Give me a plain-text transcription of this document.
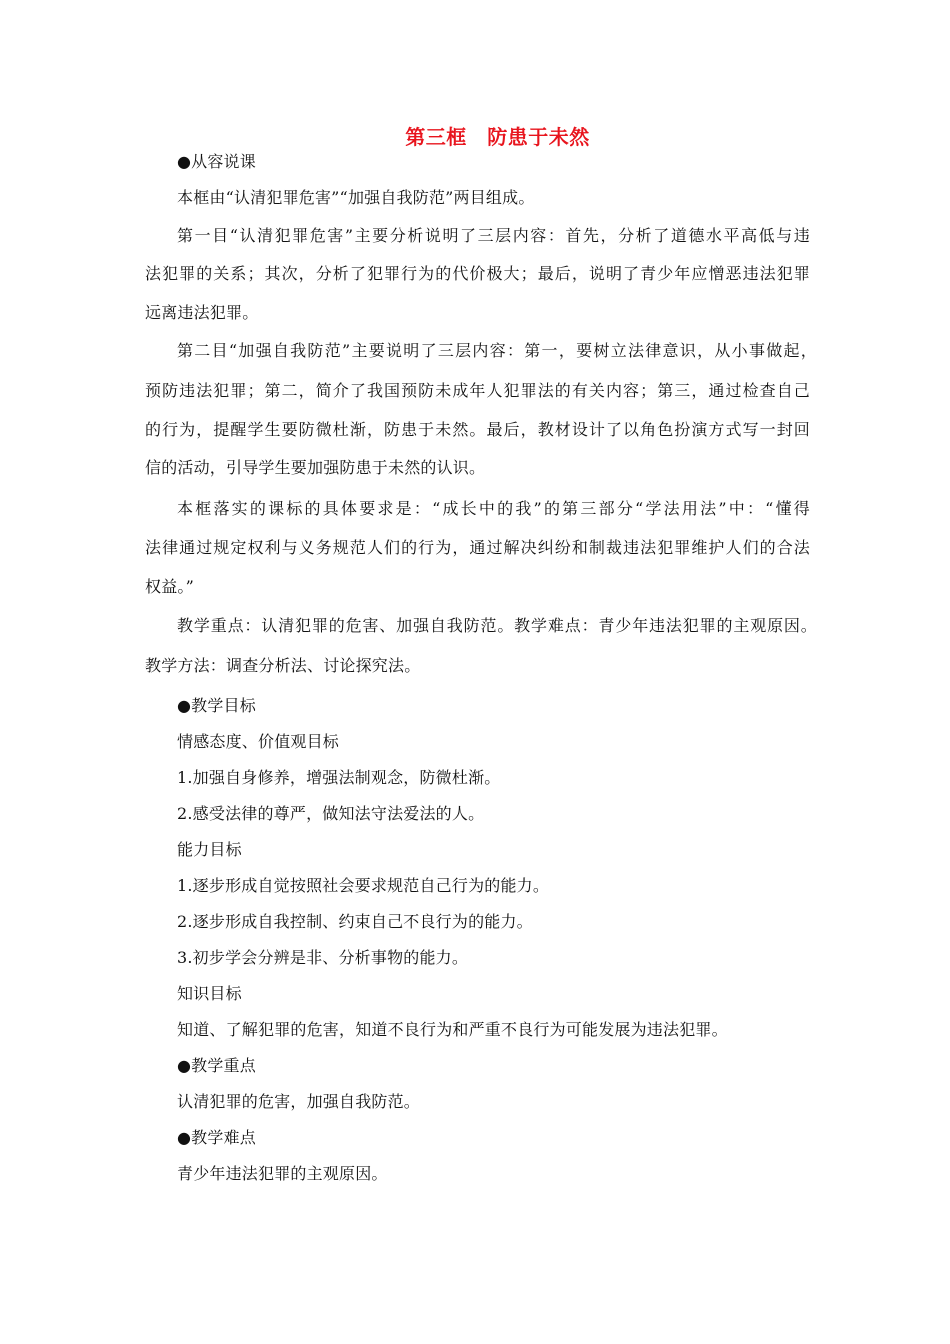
第三框　防患于未然
●从容说课
本框由“认清犯罪危害”“加强自我防范”两目组成。
第一目“认清犯罪危害”主要分析说明了三层内容：首先，分析了道德水平高低与违
法犯罪的关系；其次，分析了犯罪行为的代价极大；最后，说明了青少年应憎恶违法犯罪
远离违法犯罪。
第二目“加强自我防范”主要说明了三层内容：第一，要树立法律意识，从小事做起，
预防违法犯罪；第二，简介了我国预防未成年人犯罪法的有关内容；第三，通过检查自己
的行为，提醒学生要防微杜渐，防患于未然。最后，教材设计了以角色扮演方式写一封回
信的活动，引导学生要加强防患于未然的认识。
本框落实的课标的具体要求是：“成长中的我”的第三部分“学法用法”中：“懂得
法律通过规定权利与义务规范人们的行为，通过解决纠纷和制裁违法犯罪维护人们的合法
权益。”
教学重点：认清犯罪的危害、加强自我防范。教学难点：青少年违法犯罪的主观原因。
教学方法：调查分析法、讨论探究法。
●教学目标
情感态度、价值观目标
1.加强自身修养，增强法制观念，防微杜渐。
2.感受法律的尊严，做知法守法爱法的人。
能力目标
1.逐步形成自觉按照社会要求规范自己行为的能力。
2.逐步形成自我控制、约束自己不良行为的能力。
3.初步学会分辨是非、分析事物的能力。
知识目标
知道、了解犯罪的危害，知道不良行为和严重不良行为可能发展为违法犯罪。
●教学重点
认清犯罪的危害，加强自我防范。
●教学难点
青少年违法犯罪的主观原因。
